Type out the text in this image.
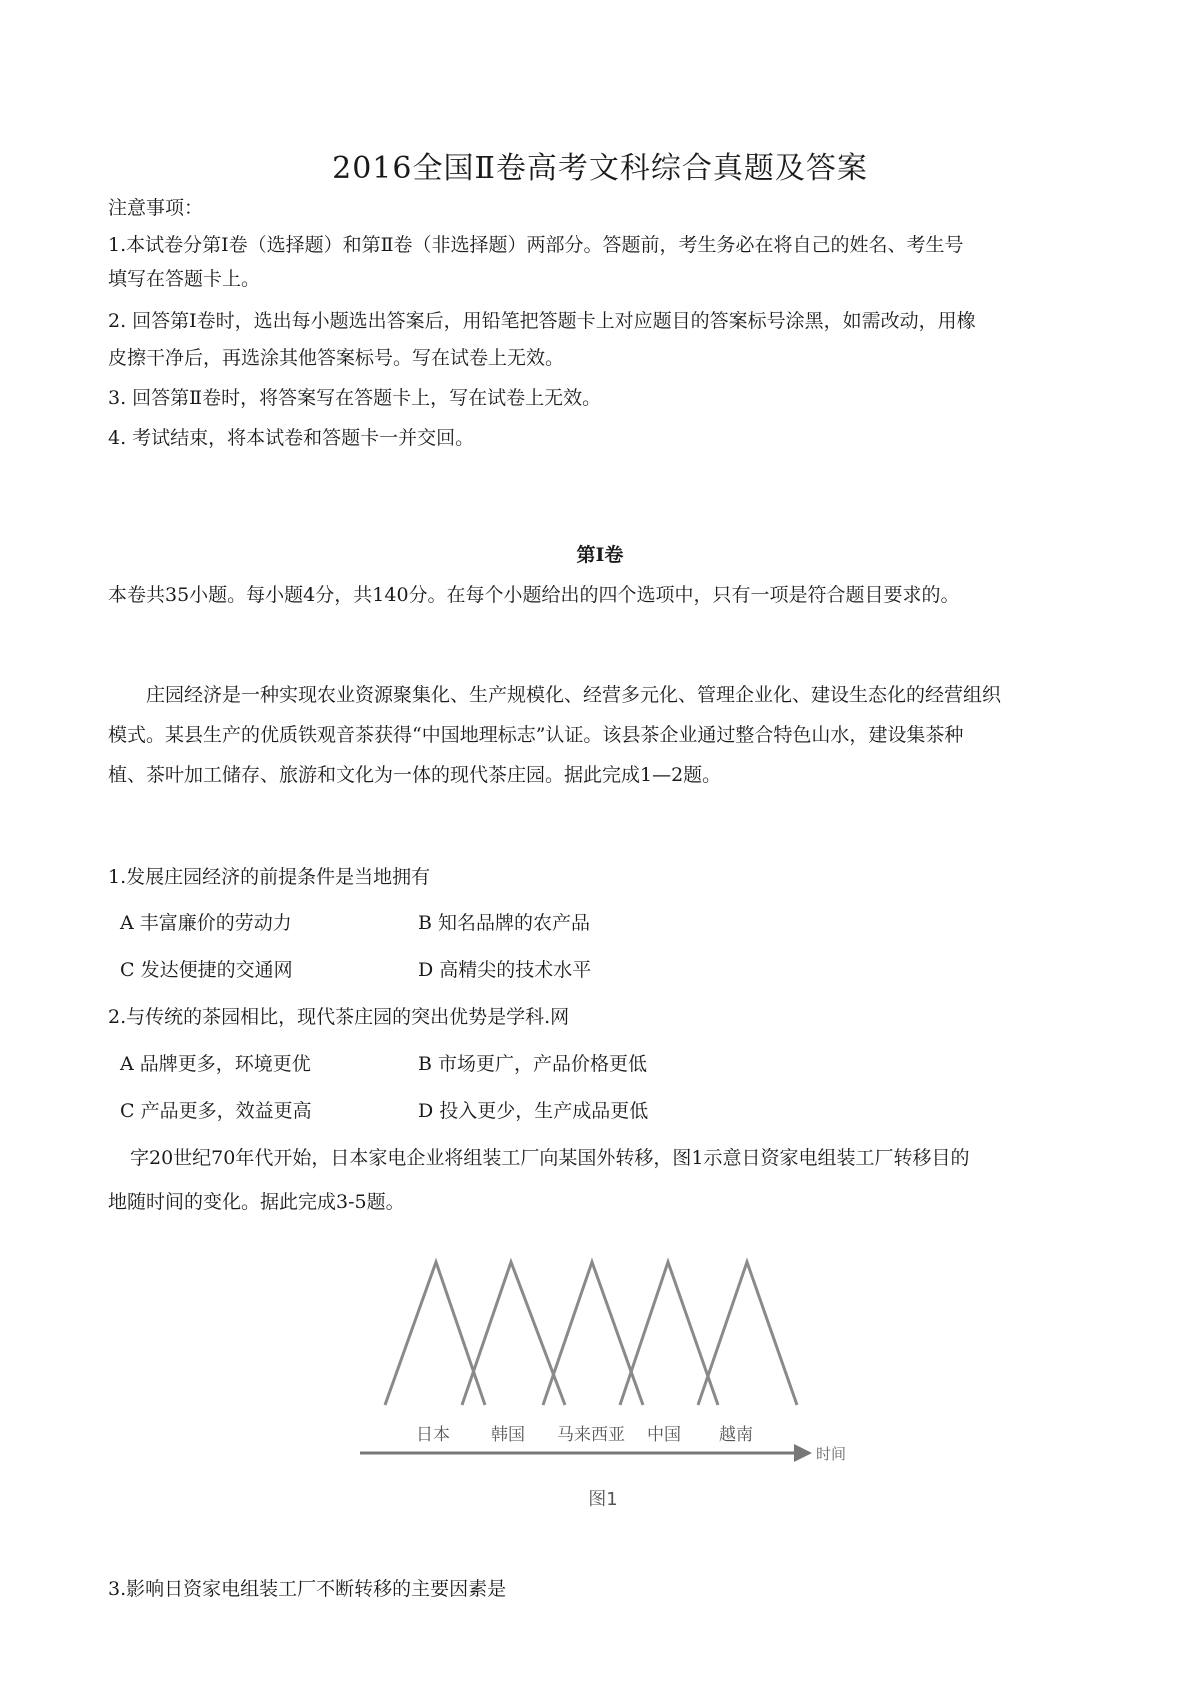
2016全国Ⅱ卷高考文科综合真题及答案
注意事项：
1.本试卷分第Ⅰ卷（选择题）和第Ⅱ卷（非选择题）两部分。答题前，考生务必在将自己的姓名、考生号
填写在答题卡上。
2. 回答第Ⅰ卷时，选出每小题选出答案后，用铅笔把答题卡上对应题目的答案标号涂黑，如需改动，用橡
皮擦干净后，再选涂其他答案标号。写在试卷上无效。
3. 回答第Ⅱ卷时，将答案写在答题卡上，写在试卷上无效。
4. 考试结束，将本试卷和答题卡一并交回。
第Ⅰ卷
本卷共35小题。每小题4分，共140分。在每个小题给出的四个选项中，只有一项是符合题目要求的。
庄园经济是一种实现农业资源聚集化、生产规模化、经营多元化、管理企业化、建设生态化的经营组织
模式。某县生产的优质铁观音茶获得“中国地理标志”认证。该县茶企业通过整合特色山水，建设集茶种
植、茶叶加工储存、旅游和文化为一体的现代茶庄园。据此完成1—2题。
1.发展庄园经济的前提条件是当地拥有
A 丰富廉价的劳动力	B 知名品牌的农产品
C 发达便捷的交通网	D 高精尖的技术水平
2.与传统的茶园相比，现代茶庄园的突出优势是学科.网
A 品牌更多，环境更优	B 市场更广，产品价格更低
C 产品更多，效益更高	D 投入更少，生产成品更低
字20世纪70年代开始，日本家电企业将组装工厂向某国外转移，图1示意日资家电组装工厂转移目的
地随时间的变化。据此完成3-5题。
日本 韩国 马来西亚 中国 越南
时间
图1
3.影响日资家电组装工厂不断转移的主要因素是
